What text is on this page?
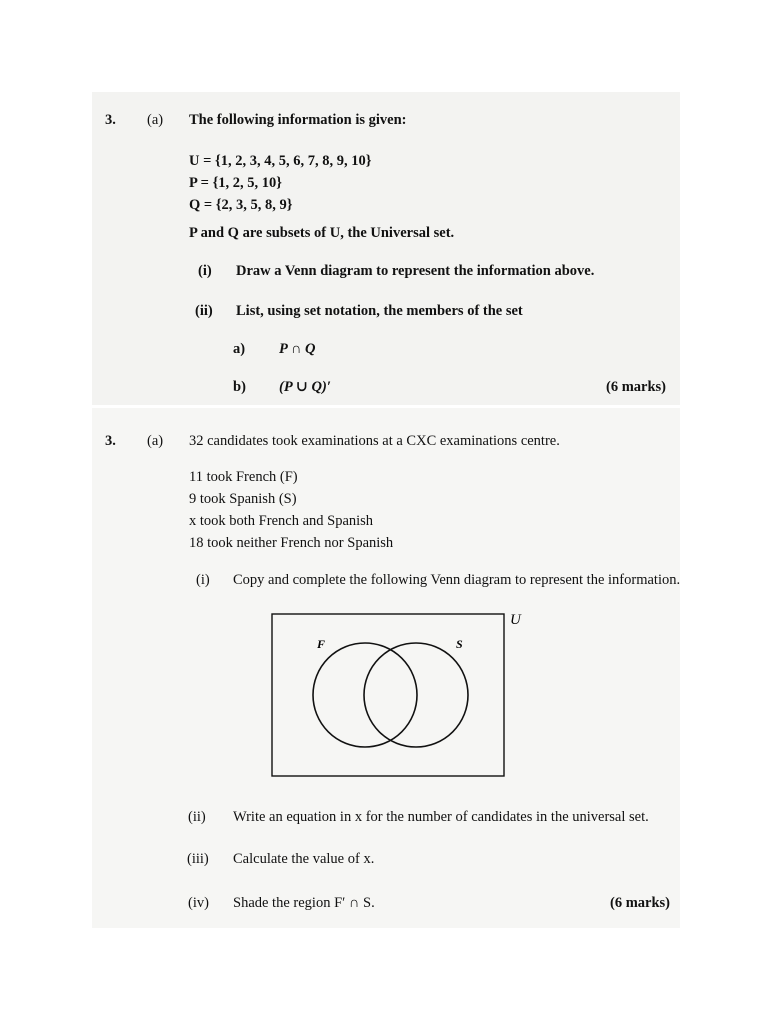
3. (a) The following information is given:
U = {1, 2, 3, 4, 5, 6, 7, 8, 9, 10}
P = {1, 2, 5, 10}
Q = {2, 3, 5, 8, 9}
P and Q are subsets of U, the Universal set.
(i) Draw a Venn diagram to represent the information above.
(ii) List, using set notation, the members of the set
a) P ∩ Q
b) (P ∪ Q)′	(6 marks)
3. (a) 32 candidates took examinations at a CXC examinations centre.
11 took French (F)
9 took Spanish (S)
x took both French and Spanish
18 took neither French nor Spanish
(i) Copy and complete the following Venn diagram to represent the information.
U
F	S
(ii) Write an equation in x for the number of candidates in the universal set.
(iii) Calculate the value of x.
(iv) Shade the region F′ ∩ S.	(6 marks)
